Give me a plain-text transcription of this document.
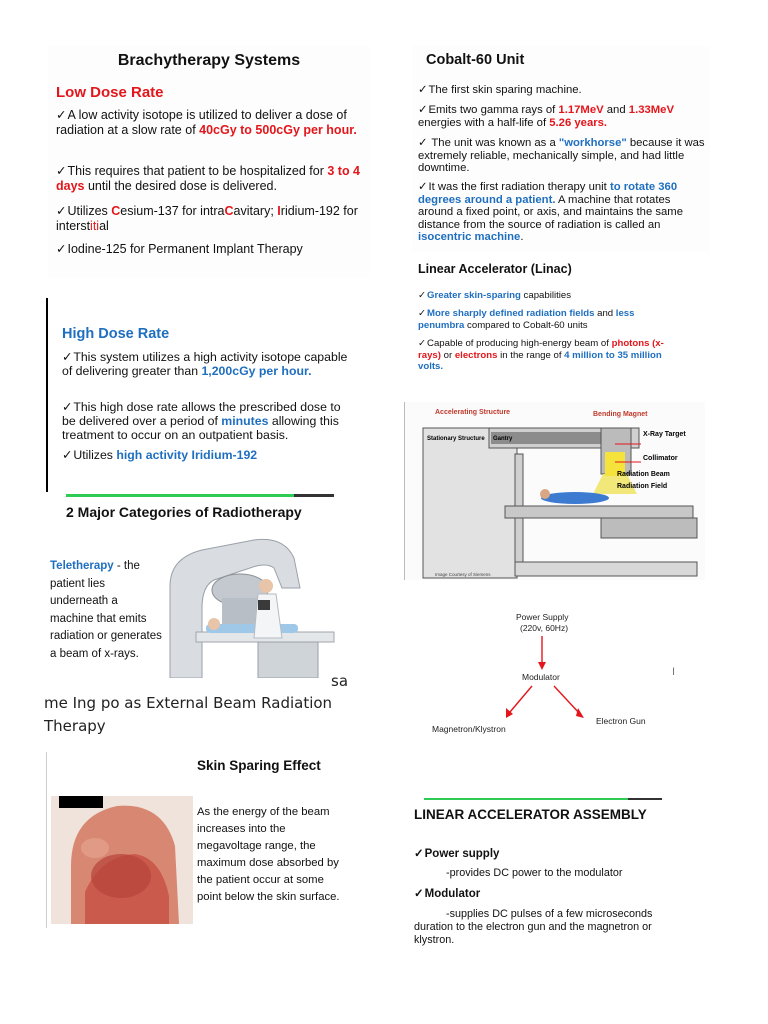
Brachytherapy Systems
Low Dose Rate
✓ A low activity isotope is utilized to deliver a dose of radiation at a slow rate of 40cGy to 500cGy per hour.
✓ This requires that patient to be hospitalized for 3 to 4 days until the desired dose is delivered.
✓ Utilizes Cesium-137 for intraCavitary; Iridium-192 for interstitial
✓ Iodine-125 for Permanent Implant Therapy
High Dose Rate
✓ This system utilizes a high activity isotope capable of delivering greater than 1,200cGy per hour.
✓ This high dose rate allows the prescribed dose to be delivered over a period of minutes allowing this treatment to occur on an outpatient basis.
✓ Utilizes high activity Iridium-192
2 Major Categories of Radiotherapy
Teletherapy - the patient lies underneath a machine that emits radiation or generates a beam of x-rays.
sa
me Ing po as External Beam Radiation Therapy
Skin Sparing Effect
As the energy of the beam increases into the megavoltage range, the maximum dose absorbed by the patient occur at some point below the skin surface.
Cobalt-60 Unit
✓ The first skin sparing machine.
✓ Emits two gamma rays of 1.17MeV and 1.33MeV energies with a half-life of 5.26 years.
✓ The unit was known as a "workhorse" because it was extremely reliable, mechanically simple, and had little downtime.
✓ It was the first radiation therapy unit to rotate 360 degrees around a patient. A machine that rotates around a fixed point, or axis, and maintains the same distance from the source of radiation is called an isocentric machine.
Linear Accelerator (Linac)
✓ Greater skin-sparing capabilities
✓ More sharply defined radiation fields and less penumbra compared to Cobalt-60 units
✓ Capable of producing high-energy beam of photons (x-rays) or electrons in the range of 4 million to 35 million volts.
Accelerating Structure	Bending Magnet
Stationary Structure Gantry
X-Ray Target
Collimator
Radiation Beam
Radiation Field
Image Courtesy of Siemens
Power Supply
(220v, 60Hz)
Modulator
Magnetron/Klystron
Electron Gun
I
LINEAR ACCELERATOR ASSEMBLY
✓ Power supply
-provides DC power to the modulator
✓ Modulator
-supplies DC pulses of a few microseconds duration to the electron gun and the magnetron or klystron.
